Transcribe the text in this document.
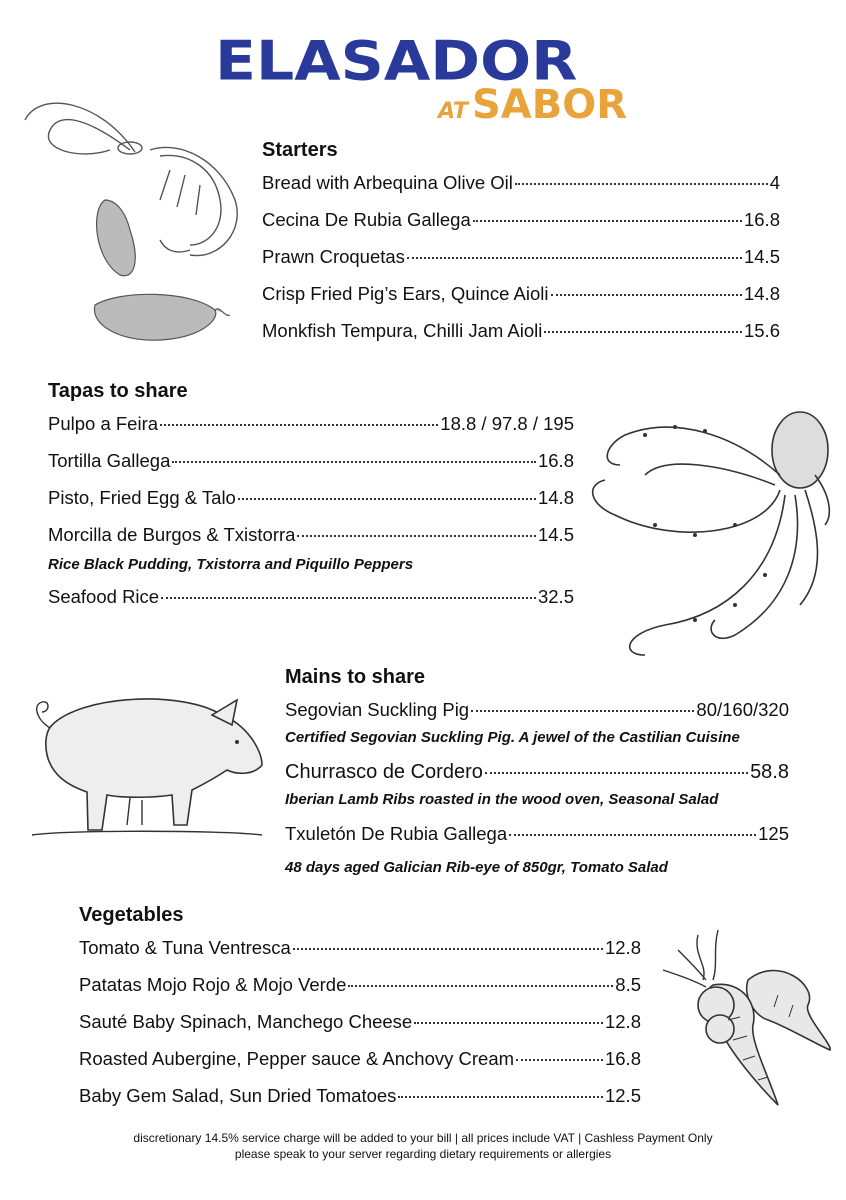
ELASADOR
AT SABOR
Starters
Bread with Arbequina Olive Oil	4
Cecina De Rubia Gallega	16.8
Prawn Croquetas	14.5
Crisp Fried Pig’s Ears, Quince Aioli	14.8
Monkfish Tempura, Chilli Jam Aioli	15.6
Tapas to share
Pulpo a Feira	18.8 / 97.8 / 195
Tortilla Gallega	16.8
Pisto, Fried Egg & Talo	14.8
Morcilla de Burgos & Txistorra	14.5
Rice Black Pudding, Txistorra and Piquillo Peppers
Seafood Rice	32.5
Mains to share
Segovian Suckling Pig	80/160/320
Certified Segovian Suckling Pig. A jewel of the Castilian Cuisine
Churrasco de Cordero	58.8
Iberian Lamb Ribs roasted in the wood oven, Seasonal Salad
Txuletón De Rubia Gallega	125
48 days aged Galician Rib-eye of 850gr, Tomato Salad
Vegetables
Tomato & Tuna Ventresca	12.8
Patatas Mojo Rojo & Mojo Verde	8.5
Sauté Baby Spinach, Manchego Cheese	12.8
Roasted Aubergine, Pepper sauce & Anchovy Cream	16.8
Baby Gem Salad, Sun Dried Tomatoes	12.5
discretionary 14.5% service charge will be added to your bill | all prices include VAT | Cashless Payment Only
please speak to your server regarding dietary requirements or allergies
